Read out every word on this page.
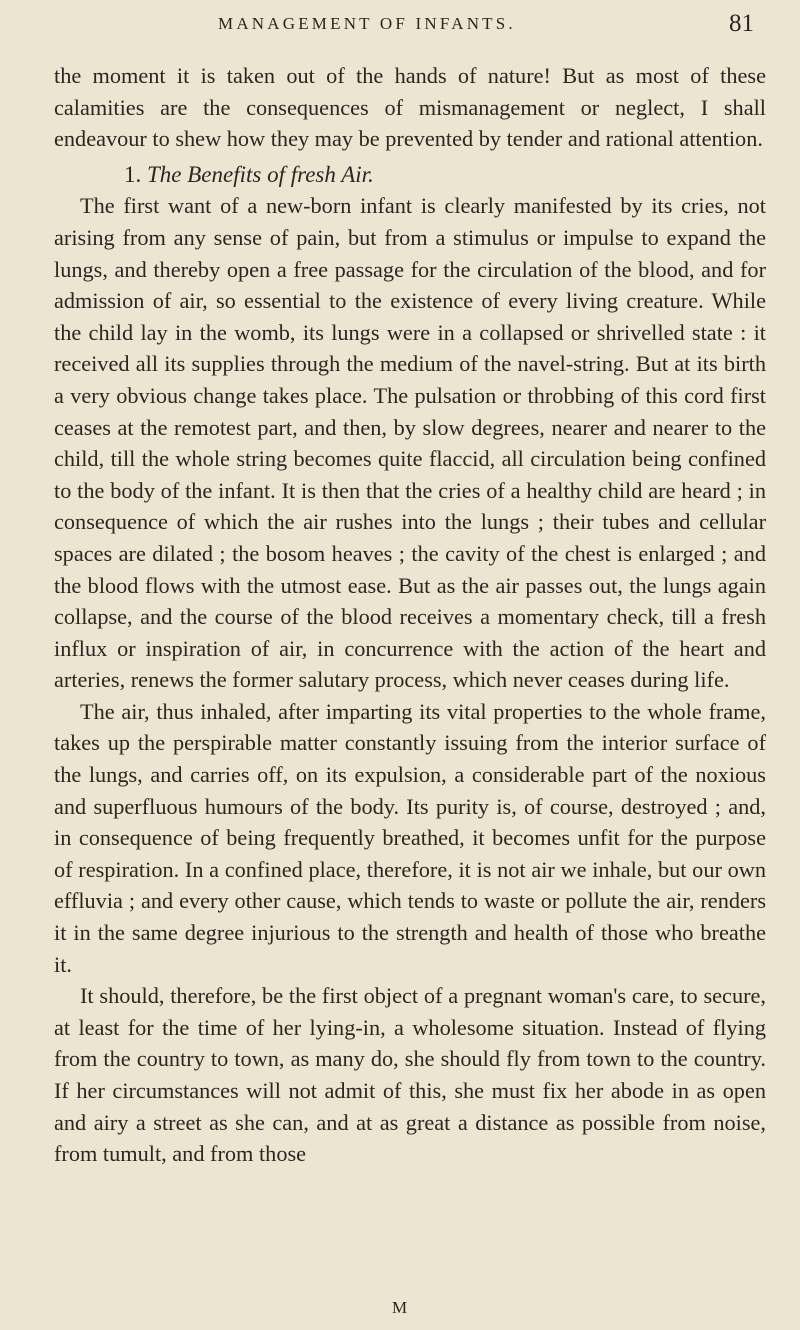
MANAGEMENT OF INFANTS.	81

the moment it is taken out of the hands of nature! But as most of these calamities are the consequences of mismanagement or neglect, I shall endeavour to shew how they may be prevented by tender and rational attention.

1. The Benefits of fresh Air.

The first want of a new-born infant is clearly manifested by its cries, not arising from any sense of pain, but from a stimulus or impulse to expand the lungs, and thereby open a free passage for the circulation of the blood, and for admission of air, so essential to the existence of every living creature. While the child lay in the womb, its lungs were in a collapsed or shrivelled state : it received all its supplies through the medium of the navel-string. But at its birth a very obvious change takes place. The pulsation or throbbing of this cord first ceases at the remotest part, and then, by slow degrees, nearer and nearer to the child, till the whole string becomes quite flaccid, all circulation being confined to the body of the infant. It is then that the cries of a healthy child are heard ; in consequence of which the air rushes into the lungs ; their tubes and cellular spaces are dilated ; the bosom heaves ; the cavity of the chest is enlarged ; and the blood flows with the utmost ease. But as the air passes out, the lungs again collapse, and the course of the blood receives a momentary check, till a fresh influx or inspiration of air, in concurrence with the action of the heart and arteries, renews the former salutary process, which never ceases during life.

The air, thus inhaled, after imparting its vital properties to the whole frame, takes up the perspirable matter constantly issuing from the interior surface of the lungs, and carries off, on its expulsion, a considerable part of the noxious and superfluous humours of the body. Its purity is, of course, destroyed ; and, in consequence of being frequently breathed, it becomes unfit for the purpose of respiration. In a confined place, therefore, it is not air we inhale, but our own effluvia ; and every other cause, which tends to waste or pollute the air, renders it in the same degree injurious to the strength and health of those who breathe it.

It should, therefore, be the first object of a pregnant woman's care, to secure, at least for the time of her lying-in, a wholesome situation. Instead of flying from the country to town, as many do, she should fly from town to the country. If her circumstances will not admit of this, she must fix her abode in as open and airy a street as she can, and at as great a distance as possible from noise, from tumult, and from those

M
